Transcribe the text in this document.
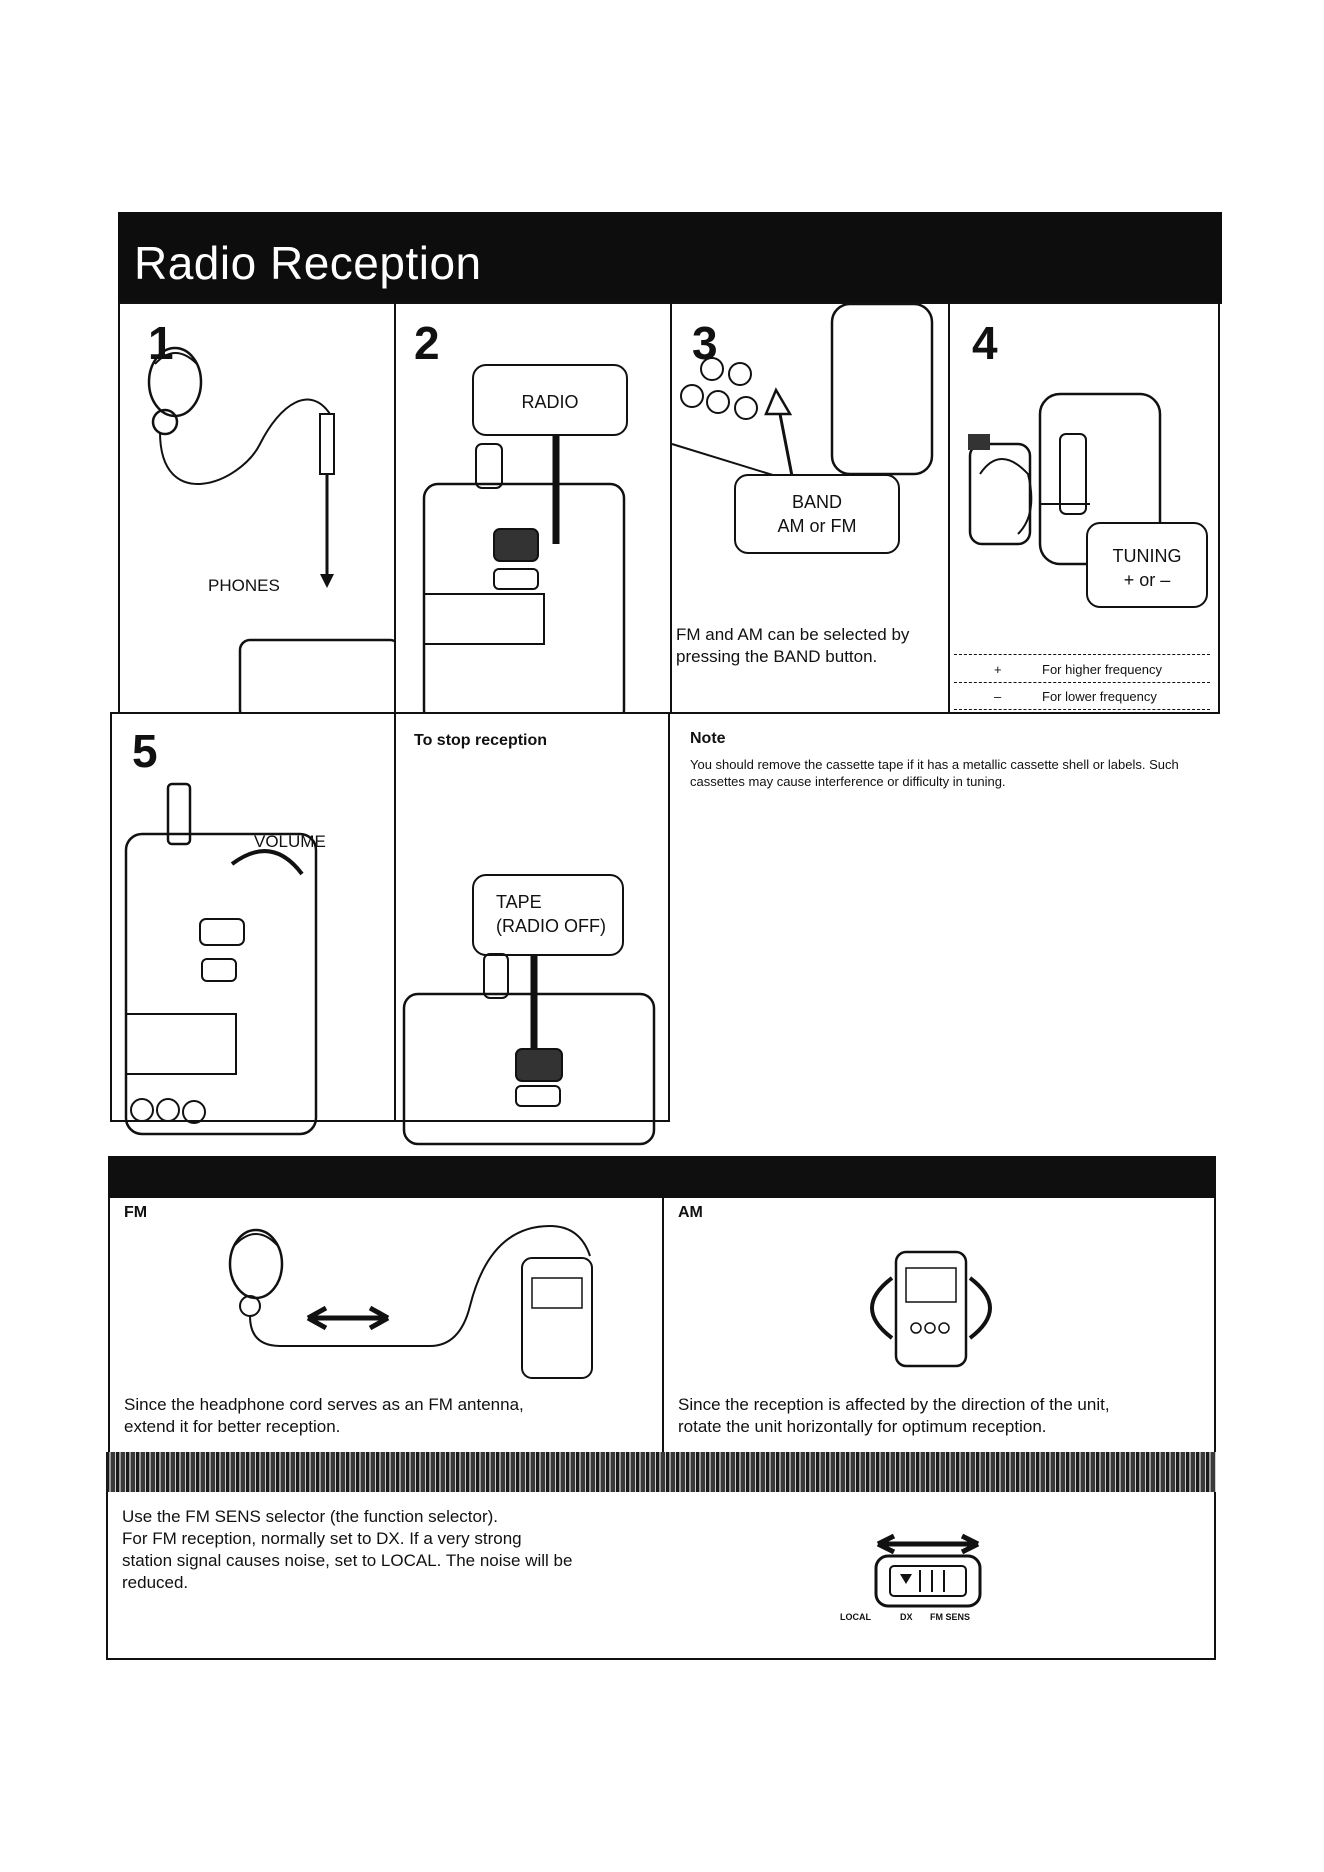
Radio Reception
1
PHONES
2
RADIO
3
BAND
AM or FM
FM and AM can be selected by pressing the BAND button.
4
TUNING
+ or –
+	For higher frequency
–	For lower frequency
5
VOLUME
To stop reception
TAPE
(RADIO OFF)
Note
You should remove the cassette tape if it has a metallic cassette shell or labels. Such cassettes may cause interference or difficulty in tuning.
FM
Since the headphone cord serves as an FM antenna,
extend it for better reception.
AM
Since the reception is affected by the direction of the unit,
rotate the unit horizontally for optimum reception.
Use the FM SENS selector (the function selector).
For FM reception, normally set to DX. If a very strong
station signal causes noise, set to LOCAL. The noise will be
reduced.
LOCAL	DX FM SENS
